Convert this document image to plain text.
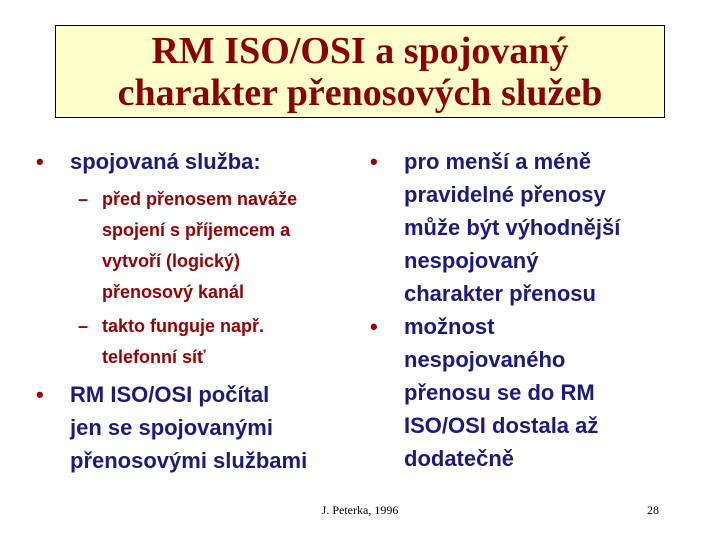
RM ISO/OSI a spojovaný
charakter přenosových služeb
• spojovaná služba:
– před přenosem naváže
spojení s příjemcem a
vytvoří (logický)
přenosový kanál
– takto funguje např.
telefonní síť
• RM ISO/OSI počítal
jen se spojovanými
přenosovými službami
• pro menší a méně
pravidelné přenosy
může být výhodnější
nespojovaný
charakter přenosu
• možnost
nespojovaného
přenosu se do RM
ISO/OSI dostala až
dodatečně
J. Peterka, 1996	28
